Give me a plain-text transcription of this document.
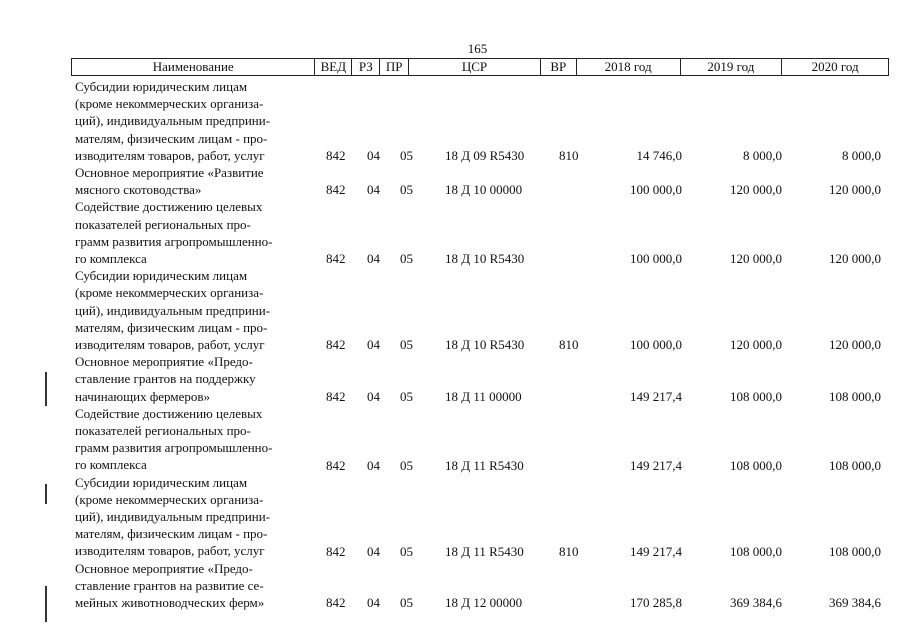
165
Наименование	ВЕД РЗ	ПР	ЦСР	ВР	2018 год	2019 год	2020 год
Субсидии юридическим лицам
(кроме некоммерческих организа-
ций), индивидуальным предприни-
мателям, физическим лицам - про-
изводителям товаров, работ, услуг	842 04 05 18 Д 09 R5430	810	14 746,0	8 000,0	8 000,0
Основное мероприятие «Развитие
мясного скотоводства»	842 04 05 18 Д 10 00000	100 000,0	120 000,0	120 000,0
Содействие достижению целевых
показателей региональных про-
грамм развития агропромышленно-
го комплекса	842 04 05 18 Д 10 R5430	100 000,0	120 000,0	120 000,0
Субсидии юридическим лицам
(кроме некоммерческих организа-
ций), индивидуальным предприни-
мателям, физическим лицам - про-
изводителям товаров, работ, услуг	842 04 05 18 Д 10 R5430	810	100 000,0	120 000,0	120 000,0
Основное мероприятие «Предо-
ставление грантов на поддержку
начинающих фермеров»	842 04 05 18 Д 11 00000	149 217,4	108 000,0	108 000,0
Содействие достижению целевых
показателей региональных про-
грамм развития агропромышленно-
го комплекса	842 04 05 18 Д 11 R5430	149 217,4	108 000,0	108 000,0
Субсидии юридическим лицам
(кроме некоммерческих организа-
ций), индивидуальным предприни-
мателям, физическим лицам - про-
изводителям товаров, работ, услуг	842 04 05 18 Д 11 R5430	810	149 217,4	108 000,0	108 000,0
Основное мероприятие «Предо-
ставление грантов на развитие се-
мейных животноводческих ферм»	842 04 05 18 Д 12 00000	170 285,8	369 384,6	369 384,6
